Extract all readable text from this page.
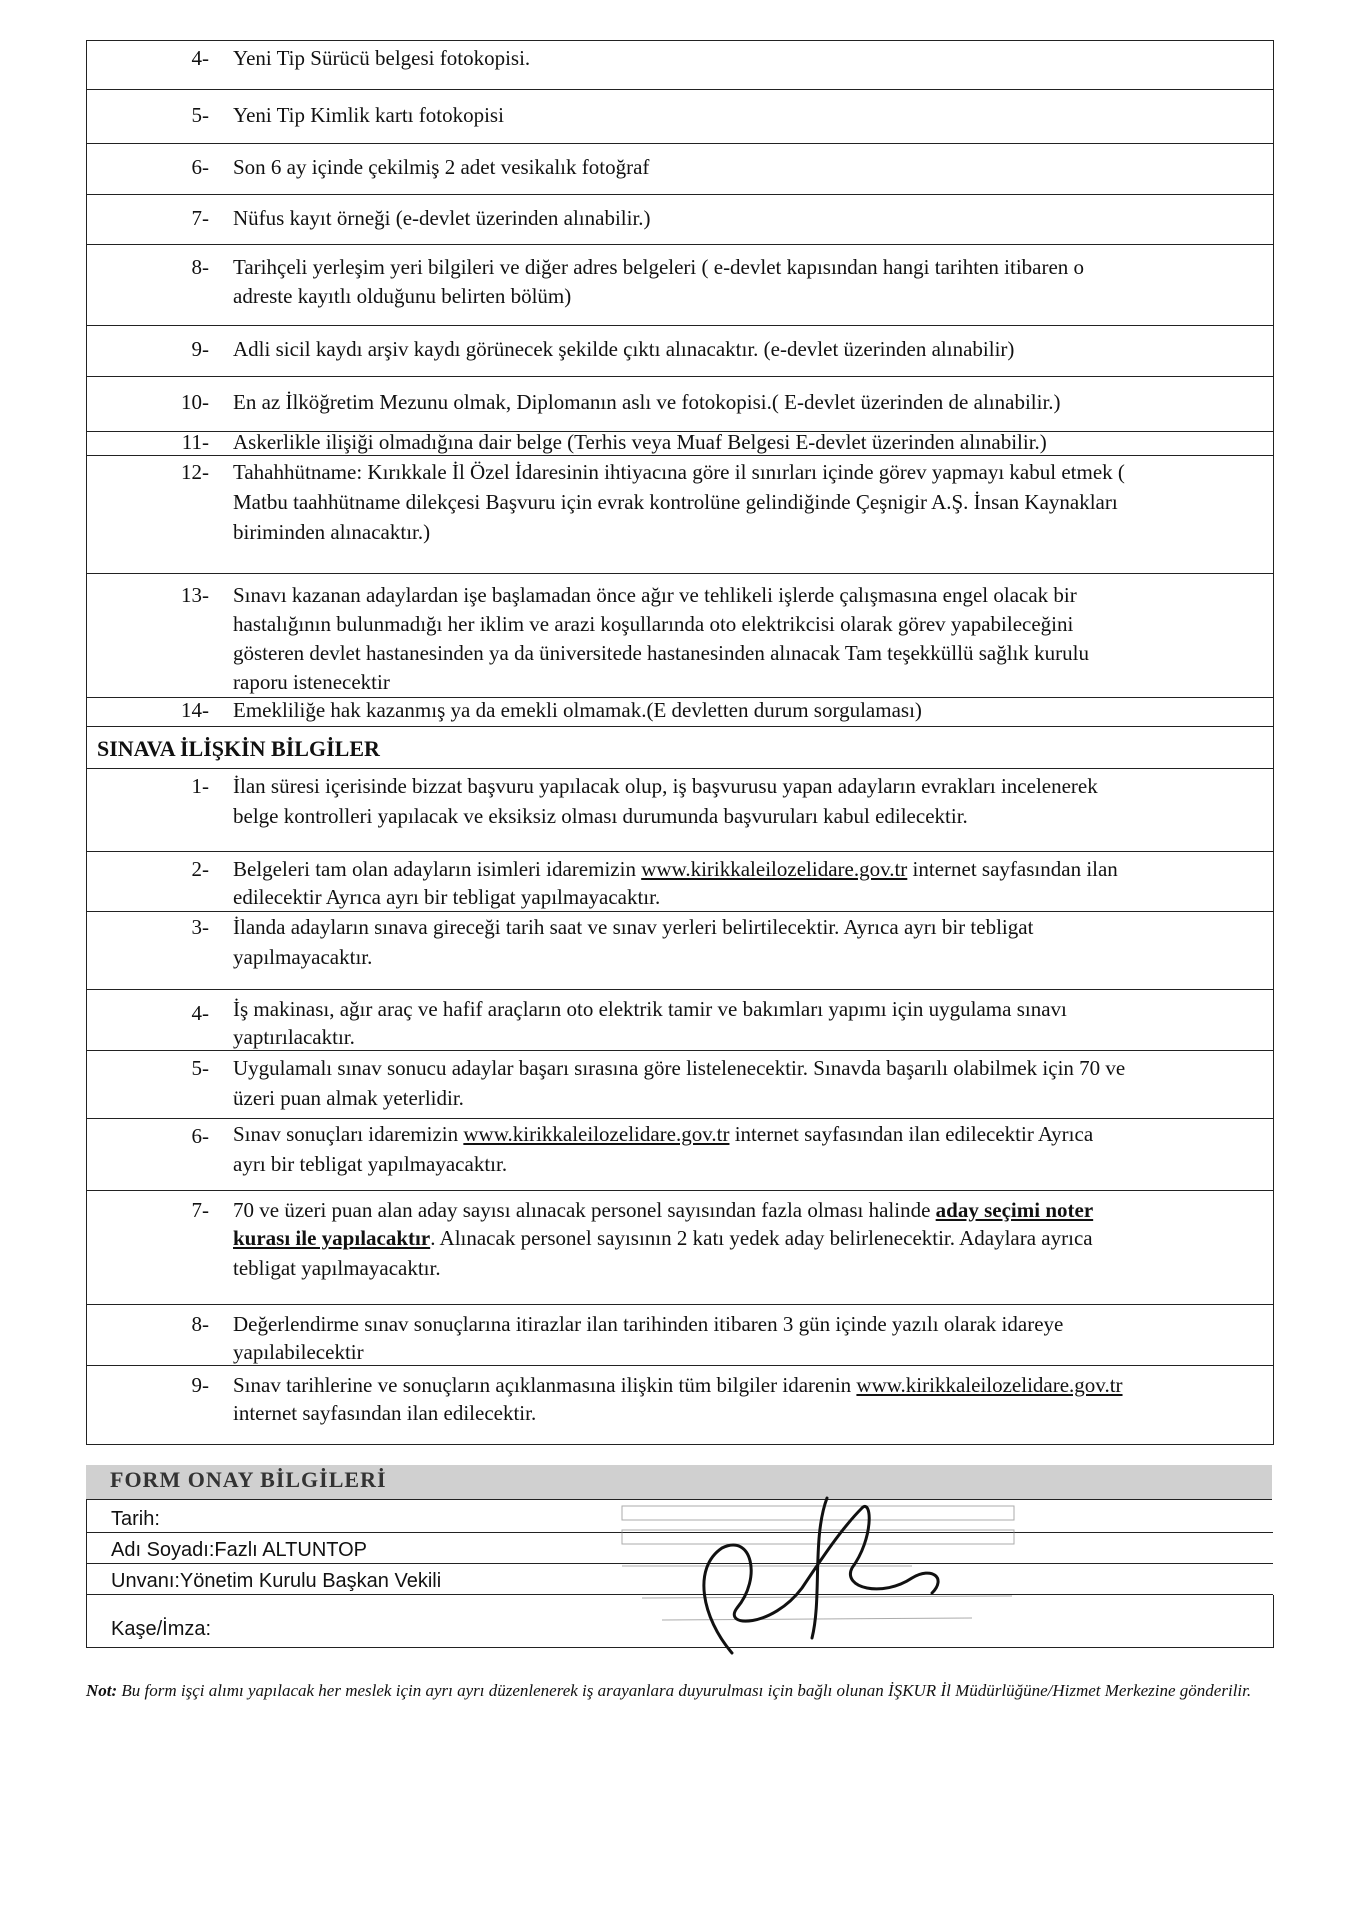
4- Yeni Tip Sürücü belgesi fotokopisi.
5- Yeni Tip Kimlik kartı fotokopisi
6- Son 6 ay içinde çekilmiş 2 adet vesikalık fotoğraf
7- Nüfus kayıt örneği (e-devlet üzerinden alınabilir.)
8- Tarihçeli yerleşim yeri bilgileri ve diğer adres belgeleri ( e-devlet kapısından hangi tarihten itibaren o
adreste kayıtlı olduğunu belirten bölüm)
9- Adli sicil kaydı arşiv kaydı görünecek şekilde çıktı alınacaktır. (e-devlet üzerinden alınabilir)
10- En az İlköğretim Mezunu olmak, Diplomanın aslı ve fotokopisi.( E-devlet üzerinden de alınabilir.)
11- Askerlikle ilişiği olmadığına dair belge (Terhis veya Muaf Belgesi E-devlet üzerinden alınabilir.)
12- Tahahhütname: Kırıkkale İl Özel İdaresinin ihtiyacına göre il sınırları içinde görev yapmayı kabul etmek (
Matbu taahhütname dilekçesi Başvuru için evrak kontrolüne gelindiğinde Çeşnigir A.Ş. İnsan Kaynakları
biriminden alınacaktır.)
13- Sınavı kazanan adaylardan işe başlamadan önce ağır ve tehlikeli işlerde çalışmasına engel olacak bir
hastalığının bulunmadığı her iklim ve arazi koşullarında oto elektrikcisi olarak görev yapabileceğini
gösteren devlet hastanesinden ya da üniversitede hastanesinden alınacak Tam teşekküllü sağlık kurulu
raporu istenecektir
14- Emekliliğe hak kazanmış ya da emekli olmamak.(E devletten durum sorgulaması)
SINAVA İLİŞKİN BİLGİLER
1- İlan süresi içerisinde bizzat başvuru yapılacak olup, iş başvurusu yapan adayların evrakları incelenerek
belge kontrolleri yapılacak ve eksiksiz olması durumunda başvuruları kabul edilecektir.
2- Belgeleri tam olan adayların isimleri idaremizin www.kirikkaleilozelidare.gov.tr internet sayfasından ilan
edilecektir Ayrıca ayrı bir tebligat yapılmayacaktır.
3- İlanda adayların sınava gireceği tarih saat ve sınav yerleri belirtilecektir. Ayrıca ayrı bir tebligat
yapılmayacaktır.
4- İş makinası, ağır araç ve hafif araçların oto elektrik tamir ve bakımları yapımı için uygulama sınavı
yaptırılacaktır.
5- Uygulamalı sınav sonucu adaylar başarı sırasına göre listelenecektir. Sınavda başarılı olabilmek için 70 ve
üzeri puan almak yeterlidir.
6- Sınav sonuçları idaremizin www.kirikkaleilozelidare.gov.tr internet sayfasından ilan edilecektir Ayrıca
ayrı bir tebligat yapılmayacaktır.
7- 70 ve üzeri puan alan aday sayısı alınacak personel sayısından fazla olması halinde aday seçimi noter
kurası ile yapılacaktır. Alınacak personel sayısının 2 katı yedek aday belirlenecektir. Adaylara ayrıca
tebligat yapılmayacaktır.
8- Değerlendirme sınav sonuçlarına itirazlar ilan tarihinden itibaren 3 gün içinde yazılı olarak idareye
yapılabilecektir
9- Sınav tarihlerine ve sonuçların açıklanmasına ilişkin tüm bilgiler idarenin www.kirikkaleilozelidare.gov.tr
internet sayfasından ilan edilecektir.
FORM ONAY BİLGİLERİ
Tarih:
Adı Soyadı:Fazlı ALTUNTOP
Unvanı:Yönetim Kurulu Başkan Vekili
Kaşe/İmza:
Not: Bu form işçi alımı yapılacak her meslek için ayrı ayrı düzenlenerek iş arayanlara duyurulması için bağlı olunan İŞKUR İl Müdürlüğüne/Hizmet Merkezine gönderilir.
